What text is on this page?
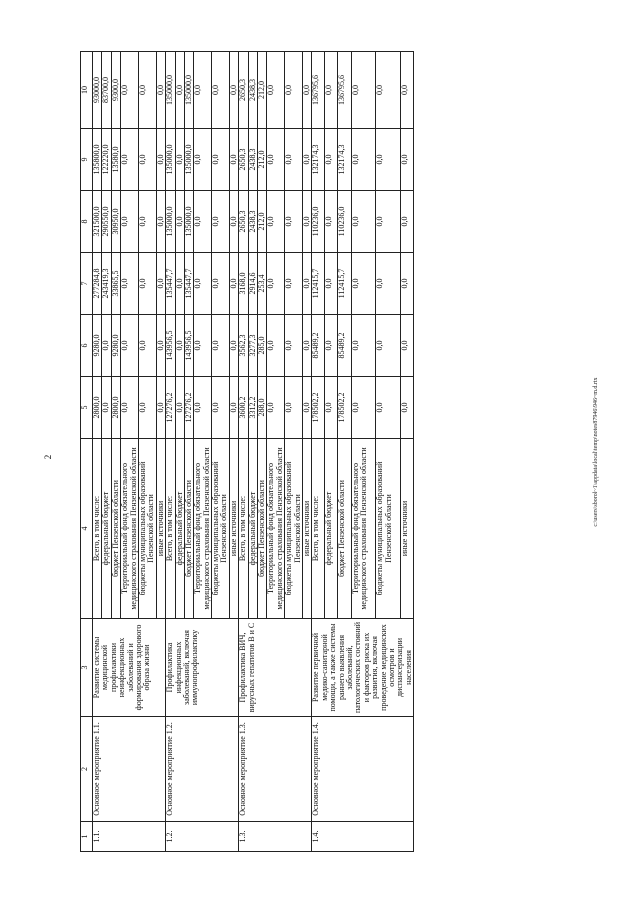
2
1	2	3	4	5	6	7	8	9	10
1.1.	Основное мероприятие 1.1.	Развитие системы медицинской профилактики неинфекционных заболеваний и формирования здорового образа жизни	Всего, в том числе:	2800,0	9280,0	277284,8	321500,0	135800,0	93000,0

			федеральный бюджет	0,0	0,0	243419,3	290550,0	122220,0	83700,0

			бюджет Пензенской области	2800,0	9280,0	33865,5	30950,0	13580,0	9300,0

			Территориальный фонд обязательного медицинского страхования Пензенской области	0,0	0,0	0,0	0,0	0,0	0,0

			бюджеты муниципальных образований Пензенской области	0,0	0,0	0,0	0,0	0,0	0,0

			иные источники	0,0	0,0	0,0	0,0	0,0	0,0
1.2.	Основное мероприятие 1.2.	Профилактика инфекционных заболеваний, включая иммунопрофилактику	Всего, в том числе:	127276,2	143956,5	135447,7	135000,0	135000,0	135000,0

			федеральный бюджет	0,0	0,0	0,0	0,0	0,0	0,0

			бюджет Пензенской области	127276,2	143956,5	135447,7	135000,0	135000,0	135000,0

			Территориальный фонд обязательного медицинского страхования Пензенской области	0,0	0,0	0,0	0,0	0,0	0,0

			бюджеты муниципальных образований Пензенской области	0,0	0,0	0,0	0,0	0,0	0,0

			иные источники	0,0	0,0	0,0	0,0	0,0	0,0
1.3.	Основное мероприятие 1.3.	Профилактика ВИЧ, вирусных гепатитов В и С	Всего, в том числе:	3600,2	3562,3	3168,0	2650,3	2650,3	2650,3

			федеральный бюджет	3312,2	3277,3	2914,6	2438,3	2438,3	2438,3

			бюджет Пензенской области	288,0	285,0	253,4	212,0	212,0	212,0

			Территориальный фонд обязательного медицинского страхования Пензенской области	0,0	0,0	0,0	0,0	0,0	0,0

			бюджеты муниципальных образований Пензенской области	0,0	0,0	0,0	0,0	0,0	0,0

			иные источники	0,0	0,0	0,0	0,0	0,0	0,0
1.4.	Основное мероприятие 1.4.	Развитие первичной медико-санитарной помощи, а также системы раннего выявления заболеваний, патологических состояний и факторов риска их развития, включая проведение медицинских осмотров и диспансеризации населения	Всего, в том числе:	178502,2	85489,2	112415,7	110236,0	132174,3	136795,6

			федеральный бюджет	0,0	0,0	0,0	0,0	0,0	0,0

			бюджет Пензенской области	178502,2	85489,2	112415,7	110236,0	132174,3	136795,6

			Территориальный фонд обязательного медицинского страхования Пензенской области	0,0	0,0	0,0	0,0	0,0	0,0

			бюджеты муниципальных образований Пензенской области	0,0	0,0	0,0	0,0	0,0	0,0

			иные источники	0,0	0,0	0,0	0,0	0,0	0,0
c:\users\sborol~1\appdata\local\temp\notes87946\946~m.d.rtx
